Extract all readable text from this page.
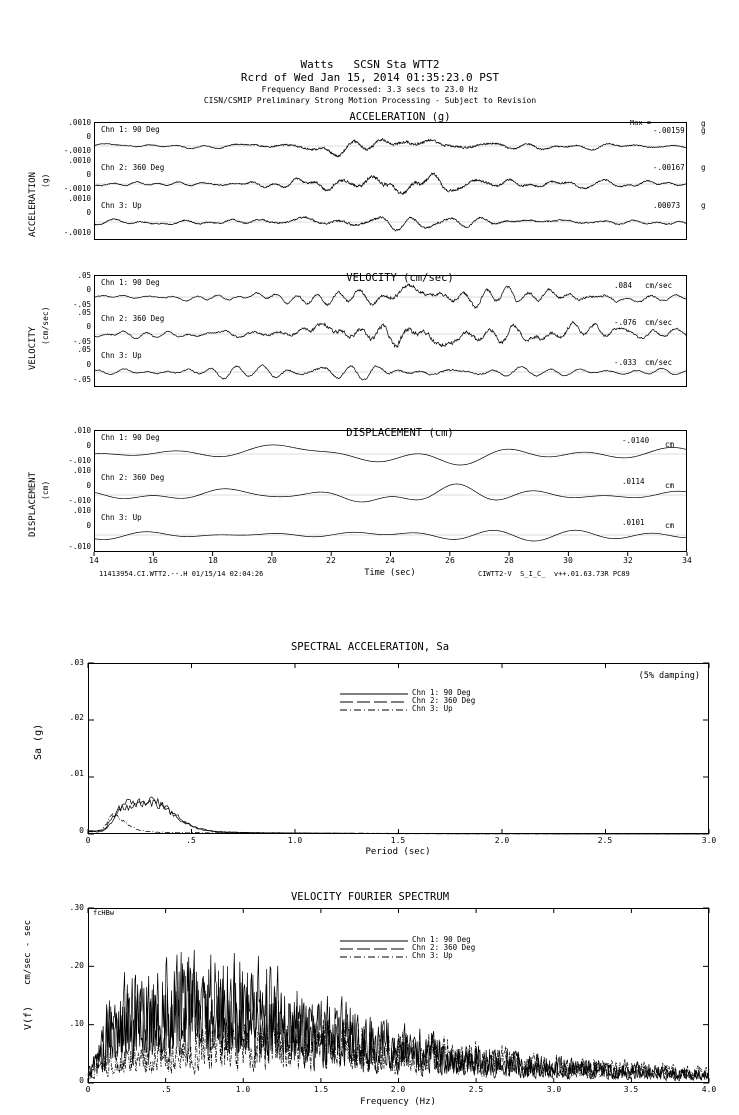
Watts   SCSN Sta WTT2
Rcrd of Wed Jan 15, 2014 01:35:23.0 PST
Frequency Band Processed: 3.3 secs to 23.0 Hz
CISN/CSMIP Preliminary Strong Motion Processing - Subject to Revision
ACCELERATION (g)
ACCELERATION (g)
.0010
0
-.0010
.0010
0
-.0010
.0010
0
-.0010
Chn 1: 90 Deg
Chn 2: 360 Deg
Chn 3: Up
Max =
-.00159
-.00167
.00073
g
g
g
g
VELOCITY (cm/sec)
VELOCITY
(cm/sec)
.05
0
-.05
.05
0
-.05
.05
0
-.05
Chn 1: 90 Deg
Chn 2: 360 Deg
Chn 3: Up
.084
-.076
-.033
cm/sec
cm/sec
cm/sec
DISPLACEMENT (cm)
DISPLACEMENT (cm)
.010
0
-.010
.010
0
-.010
.010
0
-.010
Chn 1: 90 Deg
Chn 2: 360 Deg
Chn 3: Up
-.0140
.0114
.0101
cm
cm
cm
14	16	18	20	22	24	26	28	30	32	34
Time (sec)
11413954.CI.WTT2.--.H 01/15/14 02:04:26	CIWTT2-V  S_I_C_  v++.01.63.73R PC89
SPECTRAL ACCELERATION, Sa
Sa (g)
.03
.02
.01
0
0	.5	1.0	1.5	2.0	2.5	3.0
Period (sec)
(5% damping)
Chn 1: 90 Deg
Chn 2: 360 Deg
Chn 3: Up
VELOCITY FOURIER SPECTRUM
V(f)
cm/sec - sec
fcHBw
.30
.20
.10
0
0	.5	1.0	1.5	2.0	2.5	3.0	3.5	4.0
Frequency (Hz)
Chn 1: 90 Deg
Chn 2: 360 Deg
Chn 3: Up
